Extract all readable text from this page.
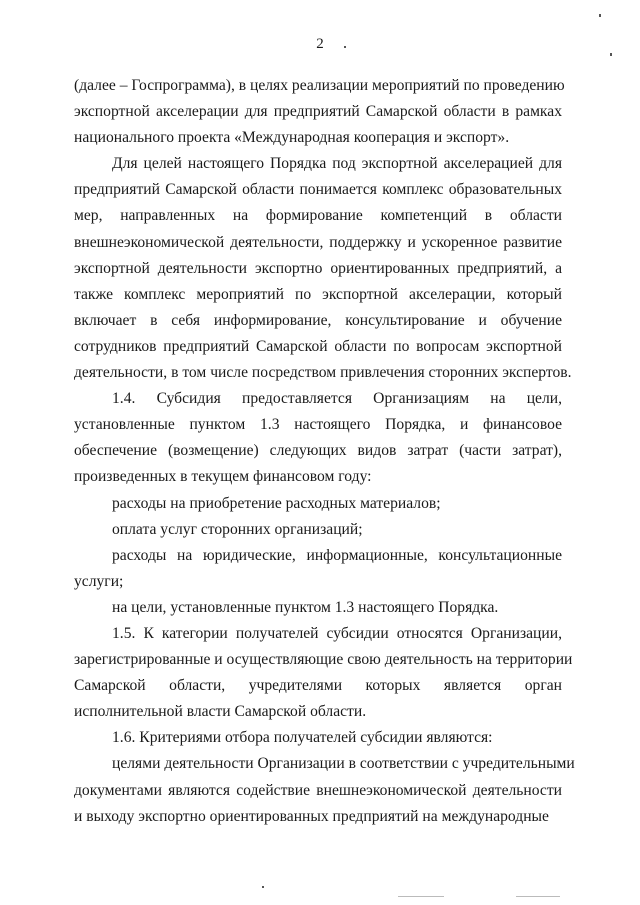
2
(далее – Госпрограмма), в целях реализации мероприятий по проведению
экспортной акселерации для предприятий Самарской области в рамках
национального проекта «Международная кооперация и экспорт».
Для целей настоящего Порядка под экспортной акселерацией для
предприятий Самарской области понимается комплекс образовательных
мер, направленных на формирование компетенций в области
внешнеэкономической деятельности, поддержку и ускоренное развитие
экспортной деятельности экспортно ориентированных предприятий, а
также комплекс мероприятий по экспортной акселерации, который
включает в себя информирование, консультирование и обучение
сотрудников предприятий Самарской области по вопросам экспортной
деятельности, в том числе посредством привлечения сторонних экспертов.
1.4. Субсидия предоставляется Организациям на цели,
установленные пунктом 1.3 настоящего Порядка, и финансовое
обеспечение (возмещение) следующих видов затрат (части затрат),
произведенных в текущем финансовом году:
расходы на приобретение расходных материалов;
оплата услуг сторонних организаций;
расходы на юридические, информационные, консультационные
услуги;
на цели, установленные пунктом 1.3 настоящего Порядка.
1.5. К категории получателей субсидии относятся Организации,
зарегистрированные и осуществляющие свою деятельность на территории
Самарской области, учредителями которых является орган
исполнительной власти Самарской области.
1.6. Критериями отбора получателей субсидии являются:
целями деятельности Организации в соответствии с учредительными
документами являются содействие внешнеэкономической деятельности
и выходу экспортно ориентированных предприятий на международные
